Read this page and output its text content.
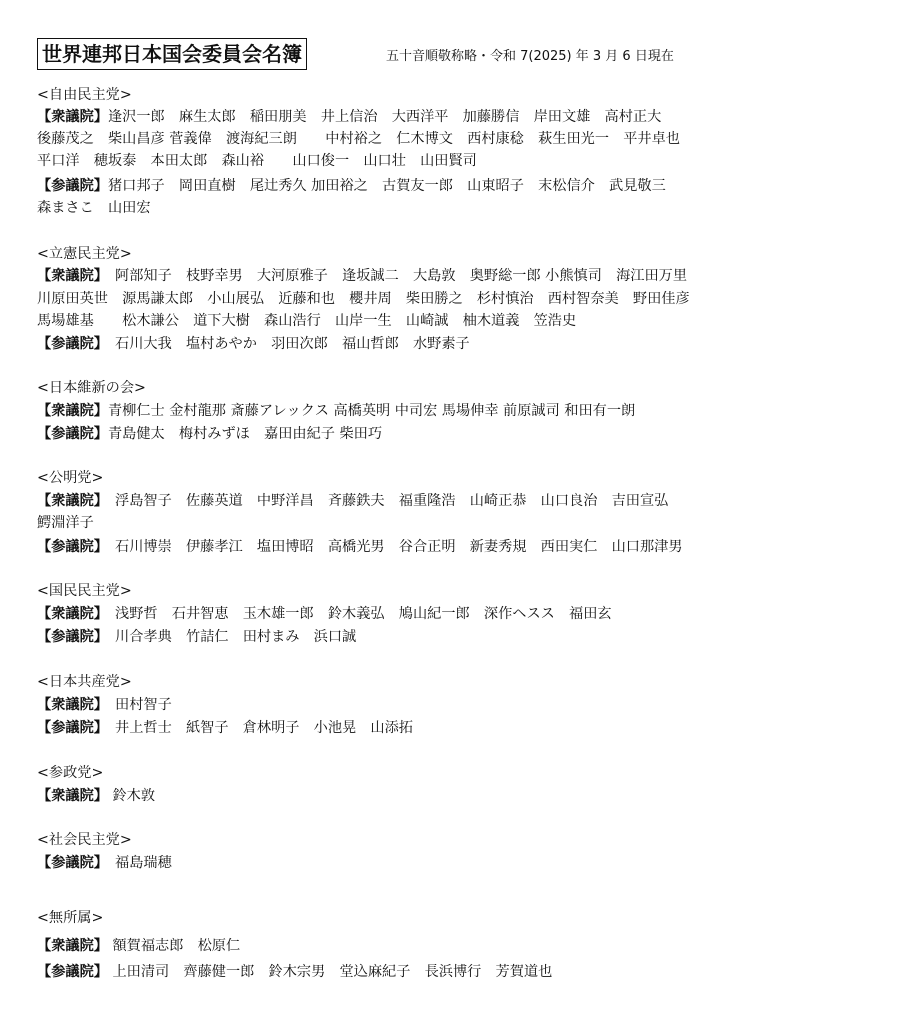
世界連邦日本国会委員会名簿	五十音順敬称略・令和 7(2025) 年 3 月 6 日現在
<自由民主党>
【衆議院】逢沢一郎　麻生太郎　稲田朋美　井上信治　大西洋平　加藤勝信　岸田文雄　高村正大
後藤茂之　柴山昌彦 菅義偉　渡海紀三朗　　中村裕之　仁木博文　西村康稔　萩生田光一　平井卓也
平口洋　穂坂泰　本田太郎　森山裕　　山口俊一　山口壮　山田賢司
【参議院】猪口邦子　岡田直樹　尾辻秀久 加田裕之　古賀友一郎　山東昭子　末松信介　武見敬三
森まさこ　山田宏
<立憲民主党>
【衆議院】　阿部知子　枝野幸男　大河原雅子　逢坂誠二　大島敦　奥野総一郎 小熊慎司　海江田万里
川原田英世　源馬謙太郎　小山展弘　近藤和也　櫻井周　柴田勝之　杉村慎治　西村智奈美　野田佳彦
馬場雄基　　松木謙公　道下大樹　森山浩行　山岸一生　山崎誠　柚木道義　笠浩史
【参議院】　石川大我　塩村あやか　羽田次郎　福山哲郎　水野素子
<日本維新の会>
【衆議院】青柳仁士 金村龍那 斎藤アレックス 高橋英明 中司宏 馬場伸幸 前原誠司 和田有一朗
【参議院】青島健太　梅村みずほ　嘉田由紀子 柴田巧
<公明党>
【衆議院】　浮島智子　佐藤英道　中野洋昌　斉藤鉄夫　福重隆浩　山崎正恭　山口良治　吉田宣弘
鰐淵洋子
【参議院】　石川博崇　伊藤孝江　塩田博昭　高橋光男　谷合正明　新妻秀規　西田実仁　山口那津男
<国民民主党>
【衆議院】　浅野哲　石井智恵　玉木雄一郎　鈴木義弘　鳩山紀一郎　深作ヘスス　福田玄
【参議院】　川合孝典　竹詰仁　田村まみ　浜口誠
<日本共産党>
【衆議院】　田村智子
【参議院】　井上哲士　紙智子　倉林明子　小池晃　山添拓
<参政党>
【衆議院】 鈴木敦
<社会民主党>
【参議院】　福島瑞穂
<無所属>
【衆議院】 額賀福志郎　松原仁
【参議院】 上田清司　齊藤健一郎　鈴木宗男　堂込麻紀子　長浜博行　芳賀道也
